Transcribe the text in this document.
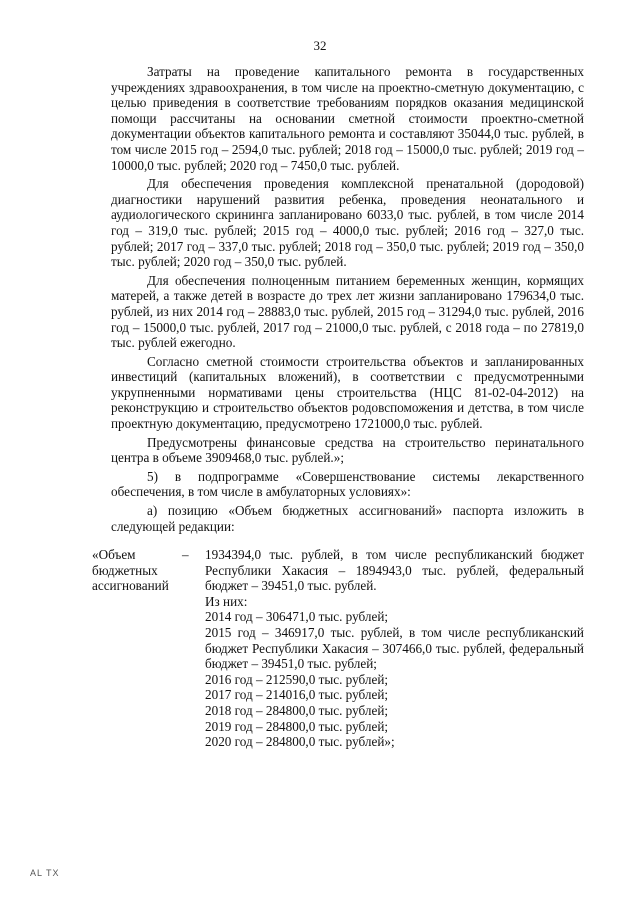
32

Затраты на проведение капитального ремонта в государственных учреждениях здравоохранения, в том числе на проектно-сметную документацию, с целью приведения в соответствие требованиям порядков оказания медицинской помощи рассчитаны на основании сметной стоимости проектно-сметной документации объектов капитального ремонта и составляют 35044,0 тыс. рублей, в том числе 2015 год – 2594,0 тыс. рублей; 2018 год – 15000,0 тыс. рублей; 2019 год – 10000,0 тыс. рублей; 2020 год – 7450,0 тыс. рублей.

Для обеспечения проведения комплексной пренатальной (дородовой) диагностики нарушений развития ребенка, проведения неонатального и аудиологического скрининга запланировано 6033,0 тыс. рублей, в том числе 2014 год – 319,0 тыс. рублей; 2015 год – 4000,0 тыс. рублей; 2016 год – 327,0 тыс. рублей; 2017 год – 337,0 тыс. рублей; 2018 год – 350,0 тыс. рублей; 2019 год – 350,0 тыс. рублей; 2020 год – 350,0 тыс. рублей.

Для обеспечения полноценным питанием беременных женщин, кормящих матерей, а также детей в возрасте до трех лет жизни запланировано 179634,0 тыс. рублей, из них 2014 год – 28883,0 тыс. рублей, 2015 год – 31294,0 тыс. рублей, 2016 год – 15000,0 тыс. рублей, 2017 год – 21000,0 тыс. рублей, с 2018 года – по 27819,0 тыс. рублей ежегодно.

Согласно сметной стоимости строительства объектов и запланированных инвестиций (капитальных вложений), в соответствии с предусмотренными укрупненными нормативами цены строительства (НЦС 81-02-04-2012) на реконструкцию и строительство объектов родовспоможения и детства, в том числе проектную документацию, предусмотрено 1721000,0 тыс. рублей.

Предусмотрены финансовые средства на строительство перинатального центра в объеме 3909468,0 тыс. рублей.»;

5) в подпрограмме «Совершенствование системы лекарственного обеспечения, в том числе в амбулаторных условиях»:

а) позицию «Объем бюджетных ассигнований» паспорта изложить в следующей редакции:

«Объем
бюджетных
ассигнований
– 1934394,0 тыс. рублей, в том числе республиканский бюджет Республики Хакасия – 1894943,0 тыс. рублей, федеральный бюджет – 39451,0 тыс. рублей.
Из них:
2014 год – 306471,0 тыс. рублей;
2015 год – 346917,0 тыс. рублей, в том числе республиканский бюджет Республики Хакасия – 307466,0 тыс. рублей, федеральный бюджет – 39451,0 тыс. рублей;
2016 год – 212590,0 тыс. рублей;
2017 год – 214016,0 тыс. рублей;
2018 год – 284800,0 тыс. рублей;
2019 год – 284800,0 тыс. рублей;
2020 год – 284800,0 тыс. рублей»;
AL TX
